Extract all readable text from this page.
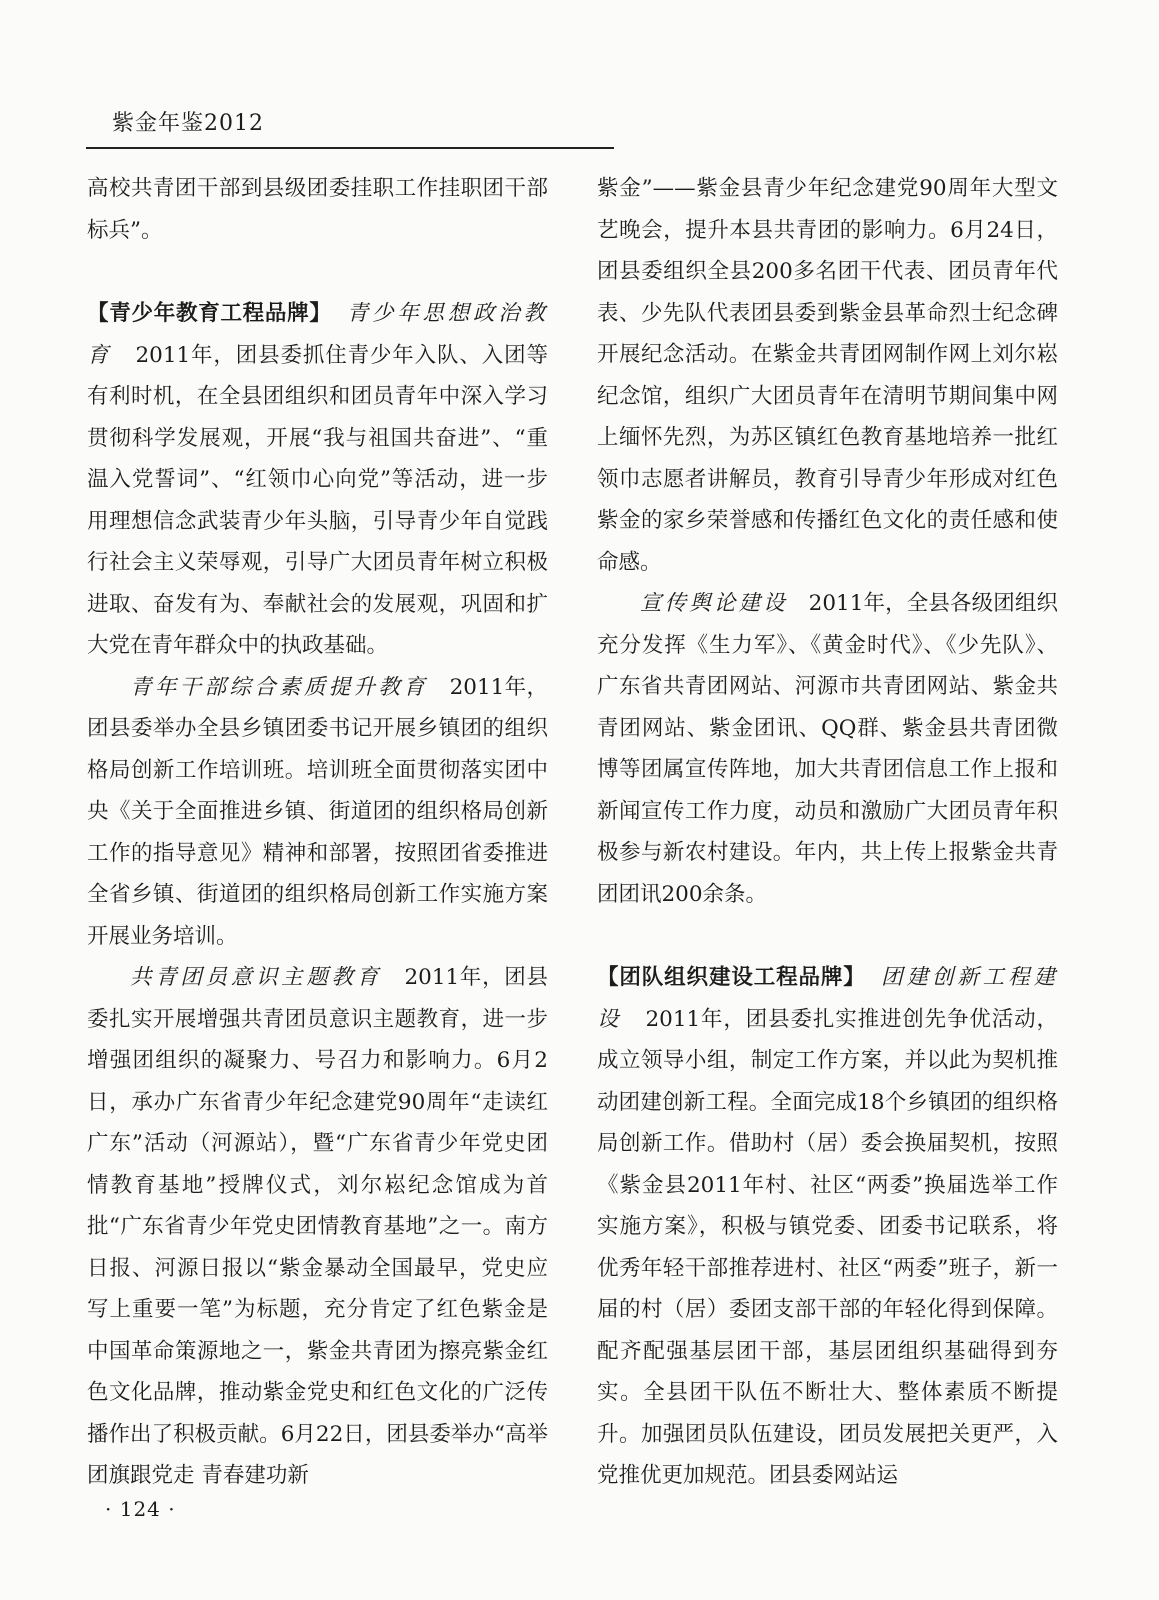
紫金年鉴2012

高校共青团干部到县级团委挂职工作挂职团干部标兵”。

【青少年教育工程品牌】 青少年思想政治教育 2011年，团县委抓住青少年入队、入团等有利时机，在全县团组织和团员青年中深入学习贯彻科学发展观，开展“我与祖国共奋进”、“重温入党誓词”、“红领巾心向党”等活动，进一步用理想信念武装青少年头脑，引导青少年自觉践行社会主义荣辱观，引导广大团员青年树立积极进取、奋发有为、奉献社会的发展观，巩固和扩大党在青年群众中的执政基础。

青年干部综合素质提升教育 2011年，团县委举办全县乡镇团委书记开展乡镇团的组织格局创新工作培训班。培训班全面贯彻落实团中央《关于全面推进乡镇、街道团的组织格局创新工作的指导意见》精神和部署，按照团省委推进全省乡镇、街道团的组织格局创新工作实施方案开展业务培训。

共青团员意识主题教育 2011年，团县委扎实开展增强共青团员意识主题教育，进一步增强团组织的凝聚力、号召力和影响力。6月2日，承办广东省青少年纪念建党90周年“走读红广东”活动（河源站），暨“广东省青少年党史团情教育基地”授牌仪式，刘尔崧纪念馆成为首批“广东省青少年党史团情教育基地”之一。南方日报、河源日报以“紫金暴动全国最早，党史应写上重要一笔”为标题，充分肯定了红色紫金是中国革命策源地之一，紫金共青团为擦亮紫金红色文化品牌，推动紫金党史和红色文化的广泛传播作出了积极贡献。6月22日，团县委举办“高举团旗跟党走 青春建功新

紫金”——紫金县青少年纪念建党90周年大型文艺晚会，提升本县共青团的影响力。6月24日，团县委组织全县200多名团干代表、团员青年代表、少先队代表团县委到紫金县革命烈士纪念碑开展纪念活动。在紫金共青团网制作网上刘尔崧纪念馆，组织广大团员青年在清明节期间集中网上缅怀先烈，为苏区镇红色教育基地培养一批红领巾志愿者讲解员，教育引导青少年形成对红色紫金的家乡荣誉感和传播红色文化的责任感和使命感。

宣传舆论建设 2011年，全县各级团组织充分发挥《生力军》、《黄金时代》、《少先队》、广东省共青团网站、河源市共青团网站、紫金共青团网站、紫金团讯、QQ群、紫金县共青团微博等团属宣传阵地，加大共青团信息工作上报和新闻宣传工作力度，动员和激励广大团员青年积极参与新农村建设。年内，共上传上报紫金共青团团讯200余条。

【团队组织建设工程品牌】 团建创新工程建设 2011年，团县委扎实推进创先争优活动，成立领导小组，制定工作方案，并以此为契机推动团建创新工程。全面完成18个乡镇团的组织格局创新工作。借助村（居）委会换届契机，按照《紫金县2011年村、社区“两委”换届选举工作实施方案》，积极与镇党委、团委书记联系，将优秀年轻干部推荐进村、社区“两委”班子，新一届的村（居）委团支部干部的年轻化得到保障。配齐配强基层团干部，基层团组织基础得到夯实。全县团干队伍不断壮大、整体素质不断提升。加强团员队伍建设，团员发展把关更严，入党推优更加规范。团县委网站运

· 124 ·
